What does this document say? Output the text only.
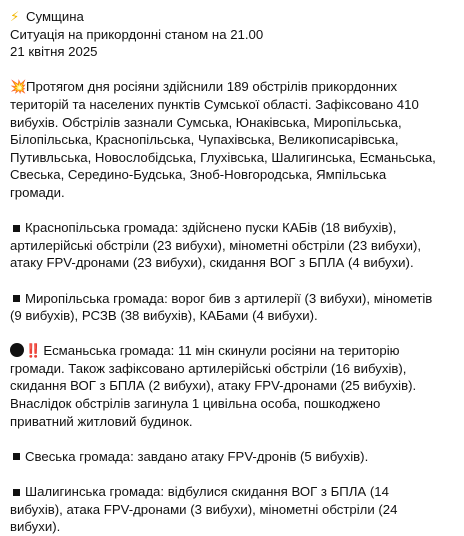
⚡ Сумщина
Ситуація на прикордонні станом на 21.00
21 квітня 2025
💥Протягом дня росіяни здійснили 189 обстрілів прикордонних
територій та населених пунктів Сумської області. Зафіксовано 410
вибухів. Обстрілів зазнали Сумська, Юнаківська, Миропільська,
Білопільська, Краснопільська, Чупахівська, Великописарівська,
Путивльська, Новослобідська, Глухівська, Шалигинська, Есманьська,
Свеська, Середино-Будська, Зноб-Новгородська, Ямпільська
громади.
Краснопільська громада: здійснено пуски КАБів (18 вибухів),
артилерійські обстріли (23 вибухи), мінометні обстріли (23 вибухи),
атаку FPV-дронами (23 вибухи), скидання ВОГ з БПЛА (4 вибухи).
Миропільська громада: ворог бив з артилерії (3 вибухи), мінометів
(9 вибухів), РСЗВ (38 вибухів), КАБами (4 вибухи).
‼️ Есманьська громада: 11 мін скинули росіяни на територію
громади. Також зафіксовано артилерійські обстріли (16 вибухів),
скидання ВОГ з БПЛА (2 вибухи), атаку FPV-дронами (25 вибухів).
Внаслідок обстрілів загинула 1 цивільна особа, пошкоджено
приватний житловий будинок.
Свеська громада: завдано атаку FPV-дронів (5 вибухів).
Шалигинська громада: відбулися скидання ВОГ з БПЛА (14
вибухів), атака FPV-дронами (3 вибухи), мінометні обстріли (24
вибухи).
